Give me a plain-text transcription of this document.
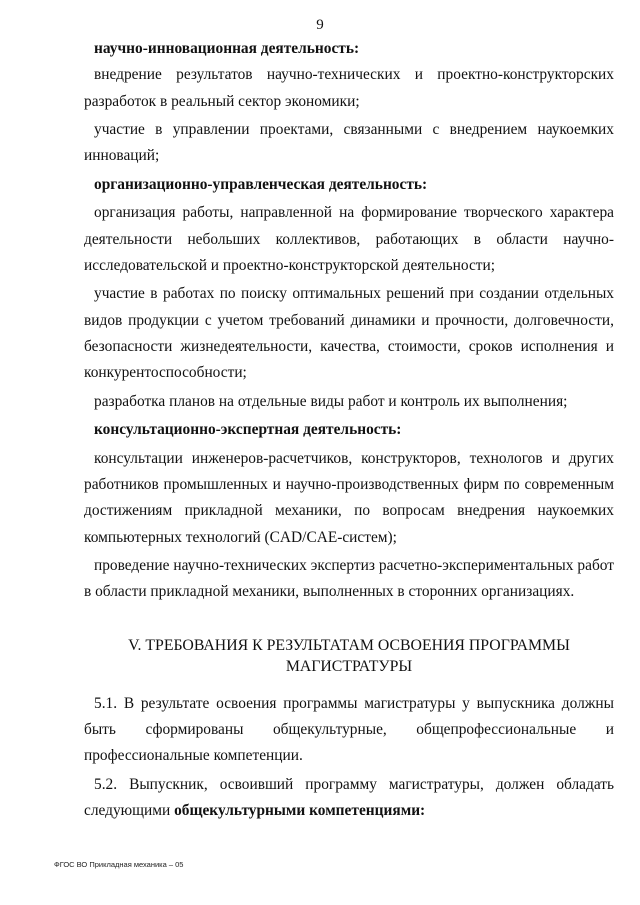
9

научно-инновационная деятельность:

внедрение результатов научно-технических и проектно-конструкторских разработок в реальный сектор экономики;

участие в управлении проектами, связанными с внедрением наукоемких инноваций;

организационно-управленческая деятельность:

организация работы, направленной на формирование творческого характера деятельности небольших коллективов, работающих в области научно-исследовательской и проектно-конструкторской деятельности;

участие в работах по поиску оптимальных решений при создании отдельных видов продукции с учетом требований динамики и прочности, долговечности, безопасности жизнедеятельности, качества, стоимости, сроков исполнения и конкурентоспособности;

разработка планов на отдельные виды работ и контроль их выполнения;

консультационно-экспертная деятельность:

консультации инженеров-расчетчиков, конструкторов, технологов и других работников промышленных и научно-производственных фирм по современным достижениям прикладной механики, по вопросам внедрения наукоемких компьютерных технологий (CAD/CAE-систем);

проведение научно-технических экспертиз расчетно-экспериментальных работ в области прикладной механики, выполненных в сторонних организациях.

V. ТРЕБОВАНИЯ К РЕЗУЛЬТАТАМ ОСВОЕНИЯ ПРОГРАММЫ
МАГИСТРАТУРЫ

5.1. В результате освоения программы магистратуры у выпускника должны быть сформированы общекультурные, общепрофессиональные и профессиональные компетенции.

5.2. Выпускник, освоивший программу магистратуры, должен обладать следующими общекультурными компетенциями:

ФГОС ВО Прикладная механика – 05
